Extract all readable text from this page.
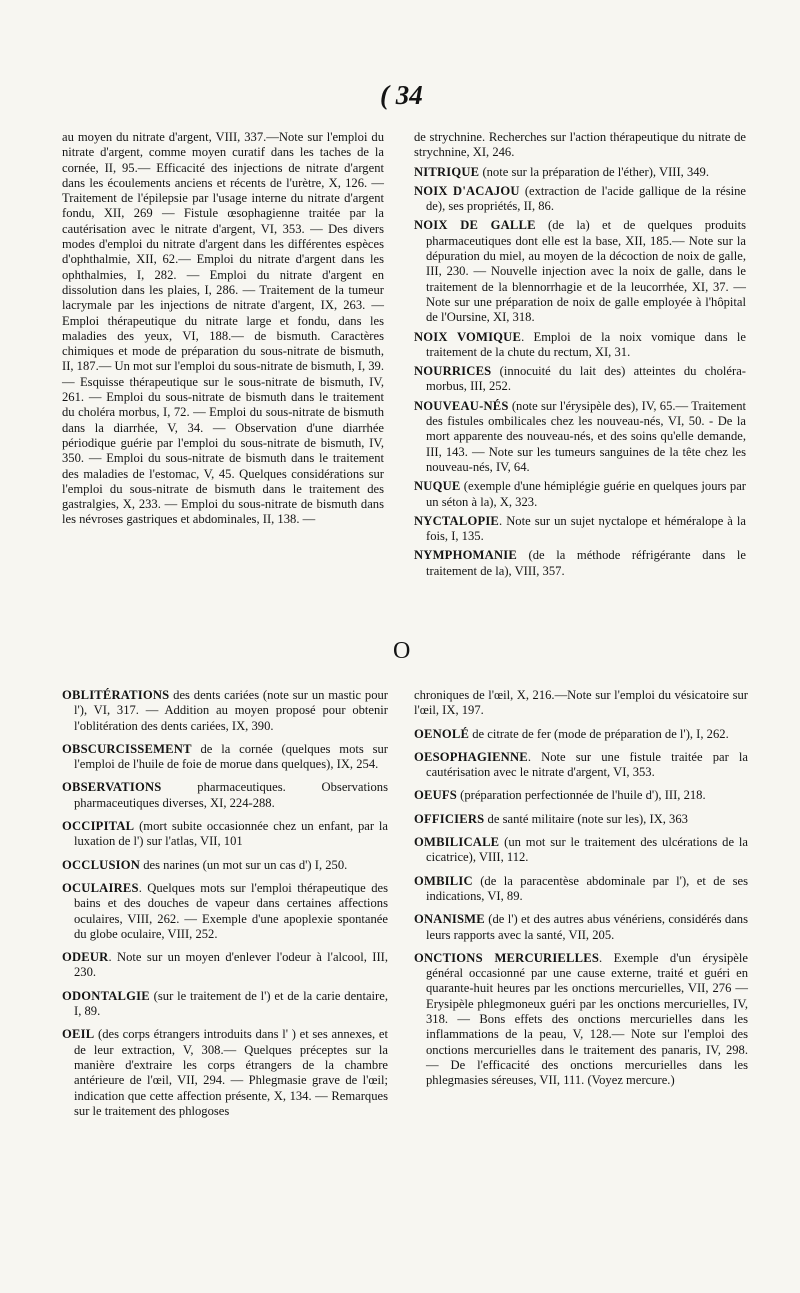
( 34

au moyen du nitrate d'argent, VIII, 337.—Note sur l'emploi du nitrate d'argent, comme moyen curatif dans les taches de la cornée, II, 95.— Efficacité des injections de nitrate d'argent dans les écoulements anciens et récents de l'urètre, X, 126. — Traitement de l'épilepsie par l'usage interne du nitrate d'argent fondu, XII, 269 — Fistule œsophagienne traitée par la cautérisation avec le nitrate d'argent, VI, 353. — Des divers modes d'emploi du nitrate d'argent dans les différentes espèces d'ophthalmie, XII, 62.— Emploi du nitrate d'argent dans les ophthalmies, I, 282. — Emploi du nitrate d'argent en dissolution dans les plaies, I, 286. — Traitement de la tumeur lacrymale par les injections de nitrate d'argent, IX, 263. — Emploi thérapeutique du nitrate large et fondu, dans les maladies des yeux, VI, 188.— de bismuth. Caractères chimiques et mode de préparation du sous-nitrate de bismuth, II, 187.— Un mot sur l'emploi du sous-nitrate de bismuth, I, 39.— Esquisse thérapeutique sur le sous-nitrate de bismuth, IV, 261. — Emploi du sous-nitrate de bismuth dans le traitement du choléra morbus, I, 72. — Emploi du sous-nitrate de bismuth dans la diarrhée, V, 34. — Observation d'une diarrhée périodique guérie par l'emploi du sous-nitrate de bismuth, IV, 350. — Emploi du sous-nitrate de bismuth dans le traitement des maladies de l'estomac, V, 45. Quelques considérations sur l'emploi du sous-nitrate de bismuth dans le traitement des gastralgies, X, 233. — Emploi du sous-nitrate de bismuth dans les névroses gastriques et abdominales, II, 138. —

de strychnine. Recherches sur l'action thérapeutique du nitrate de strychnine, XI, 246.

NITRIQUE (note sur la préparation de l'éther), VIII, 349.

NOIX D'ACAJOU (extraction de l'acide gallique de la résine de), ses propriétés, II, 86.

NOIX DE GALLE (de la) et de quelques produits pharmaceutiques dont elle est la base, XII, 185.— Note sur la dépuration du miel, au moyen de la décoction de noix de galle, III, 230. — Nouvelle injection avec la noix de galle, dans le traitement de la blennorrhagie et de la leucorrhée, XI, 37. — Note sur une préparation de noix de galle employée à l'hôpital de l'Oursine, XI, 318.

NOIX VOMIQUE. Emploi de la noix vomique dans le traitement de la chute du rectum, XI, 31.

NOURRICES (innocuité du lait des) atteintes du choléra-morbus, III, 252.

NOUVEAU-NÉS (note sur l'érysipèle des), IV, 65.— Traitement des fistules ombilicales chez les nouveau-nés, VI, 50. - De la mort apparente des nouveau-nés, et des soins qu'elle demande, III, 143. — Note sur les tumeurs sanguines de la tête chez les nouveau-nés, IV, 64.

NUQUE (exemple d'une hémiplégie guérie en quelques jours par un séton à la), X, 323.

NYCTALOPIE. Note sur un sujet nyctalope et héméralope à la fois, I, 135.

NYMPHOMANIE (de la méthode réfrigérante dans le traitement de la), VIII, 357.

O

OBLITÉRATIONS des dents cariées (note sur un mastic pour l'), VI, 317. — Addition au moyen proposé pour obtenir l'oblitération des dents cariées, IX, 390.

OBSCURCISSEMENT de la cornée (quelques mots sur l'emploi de l'huile de foie de morue dans quelques), IX, 254.

OBSERVATIONS pharmaceutiques. Observations pharmaceutiques diverses, XI, 224-288.

OCCIPITAL (mort subite occasionnée chez un enfant, par la luxation de l') sur l'atlas, VII, 101

OCCLUSION des narines (un mot sur un cas d') I, 250.

OCULAIRES. Quelques mots sur l'emploi thérapeutique des bains et des douches de vapeur dans certaines affections oculaires, VIII, 262. — Exemple d'une apoplexie spontanée du globe oculaire, VIII, 252.

ODEUR. Note sur un moyen d'enlever l'odeur à l'alcool, III, 230.

ODONTALGIE (sur le traitement de l') et de la carie dentaire, I, 89.

OEIL (des corps étrangers introduits dans l' ) et ses annexes, et de leur extraction, V, 308.— Quelques préceptes sur la manière d'extraire les corps étrangers de la chambre antérieure de l'œil, VII, 294. — Phlegmasie grave de l'œil; indication que cette affection présente, X, 134. — Remarques sur le traitement des phlogoses

chroniques de l'œil, X, 216.—Note sur l'emploi du vésicatoire sur l'œil, IX, 197.

OENOLÉ de citrate de fer (mode de préparation de l'), I, 262.

OESOPHAGIENNE. Note sur une fistule traitée par la cautérisation avec le nitrate d'argent, VI, 353.

OEUFS (préparation perfectionnée de l'huile d'), III, 218.

OFFICIERS de santé militaire (note sur les), IX, 363

OMBILICALE (un mot sur le traitement des ulcérations de la cicatrice), VIII, 112.

OMBILIC (de la paracentèse abdominale par l'), et de ses indications, VI, 89.

ONANISME (de l') et des autres abus vénériens, considérés dans leurs rapports avec la santé, VII, 205.

ONCTIONS MERCURIELLES. Exemple d'un érysipèle général occasionné par une cause externe, traité et guéri en quarante-huit heures par les onctions mercurielles, VII, 276 — Erysipèle phlegmoneux guéri par les onctions mercurielles, IV, 318. — Bons effets des onctions mercurielles dans les inflammations de la peau, V, 128.— Note sur l'emploi des onctions mercurielles dans le traitement des panaris, IV, 298. — De l'efficacité des onctions mercurielles dans les phlegmasies séreuses, VII, 111. (Voyez mercure.)
